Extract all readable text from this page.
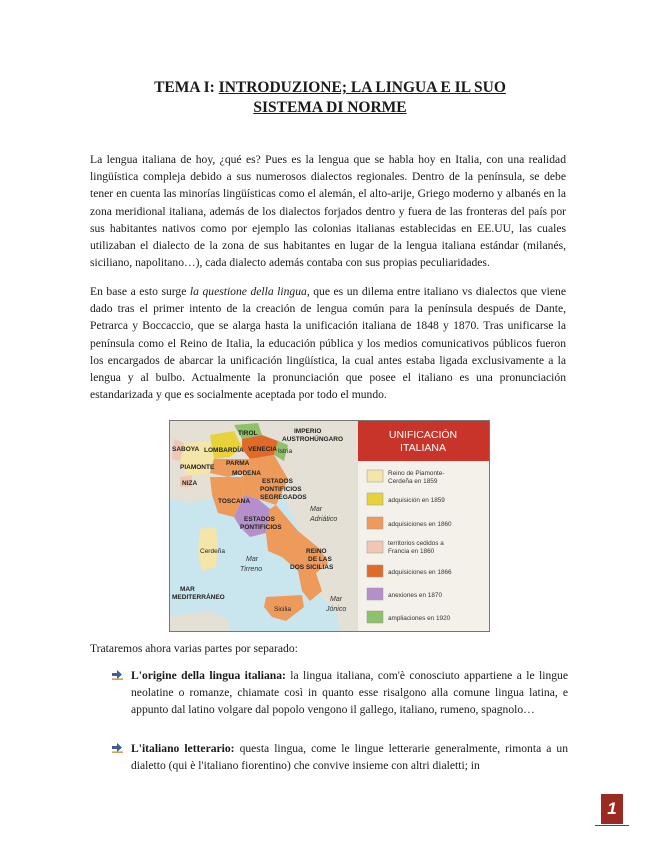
TEMA I: INTRODUZIONE; LA LINGUA E IL SUO
SISTEMA DI NORME

La lengua italiana de hoy, ¿qué es? Pues es la lengua que se habla hoy en Italia, con una realidad lingüística compleja debido a sus numerosos dialectos regionales. Dentro de la península, se debe tener en cuenta las minorías lingüísticas como el alemán, el alto-arije, Griego moderno y albanés en la zona meridional italiana, además de los dialectos forjados dentro y fuera de las fronteras del país por sus habitantes nativos como por ejemplo las colonias italianas establecidas en EE.UU, las cuales utilizaban el dialecto de la zona de sus habitantes en lugar de la lengua italiana estándar (milanés, siciliano, napolitano…), cada dialecto además contaba con sus propias peculiaridades.

En base a esto surge la questione della lingua, que es un dilema entre italiano vs dialectos que viene dado tras el primer intento de la creación de lengua común para la península después de Dante, Petrarca y Boccaccio, que se alarga hasta la unificación italiana de 1848 y 1870. Tras unificarse la península como el Reino de Italia, la educación pública y los medios comunicativos públicos fueron los encargados de abarcar la unificación lingüística, la cual antes estaba ligada exclusivamente a la lengua y al bulbo. Actualmente la pronunciación que posee el italiano es una pronunciación estandarizada y que es socialmente aceptada por todo el mundo.

TIROL	IMPERIO
AUSTROHÚNGARO
SABOYA LOMBARDÍA VENECIA Istria
PIAMONTE
PARMA
MODENA
NIZA	ESTADOS
PONTIFICIOS
SEGREGADOS
TOSCANA
ESTADOS
PONTIFICIOS
REINO
DE LAS
DOS SICILIAS
Sicilia
Cerdeña
MAR
MEDITERRÁNEO
Mar
Adriático
Mar
Tirreno
Mar
Jónico
UNIFICACIÓN
ITALIANA
Reino de Piamonte-
Cerdeña en 1859
adquisición en 1859
adquisiciones en 1860
territorios cedidos a
Francia en 1860
adquisiciones en 1866
anexiones en 1870
ampliaciones en 1920

Trataremos ahora varias partes por separado:

L'origine della lingua italiana: la lingua italiana, com'è conosciuto appartiene a le lingue neolatine o romanze, chiamate così in quanto esse risalgono alla comune lingua latina, e appunto dal latino volgare dal popolo vengono il gallego, italiano, rumeno, spagnolo…

L'italiano letterario: questa lingua, come le lingue letterarie generalmente, rimonta a un dialetto (qui è l'italiano fiorentino) che convive insieme con altri dialetti; in

1
